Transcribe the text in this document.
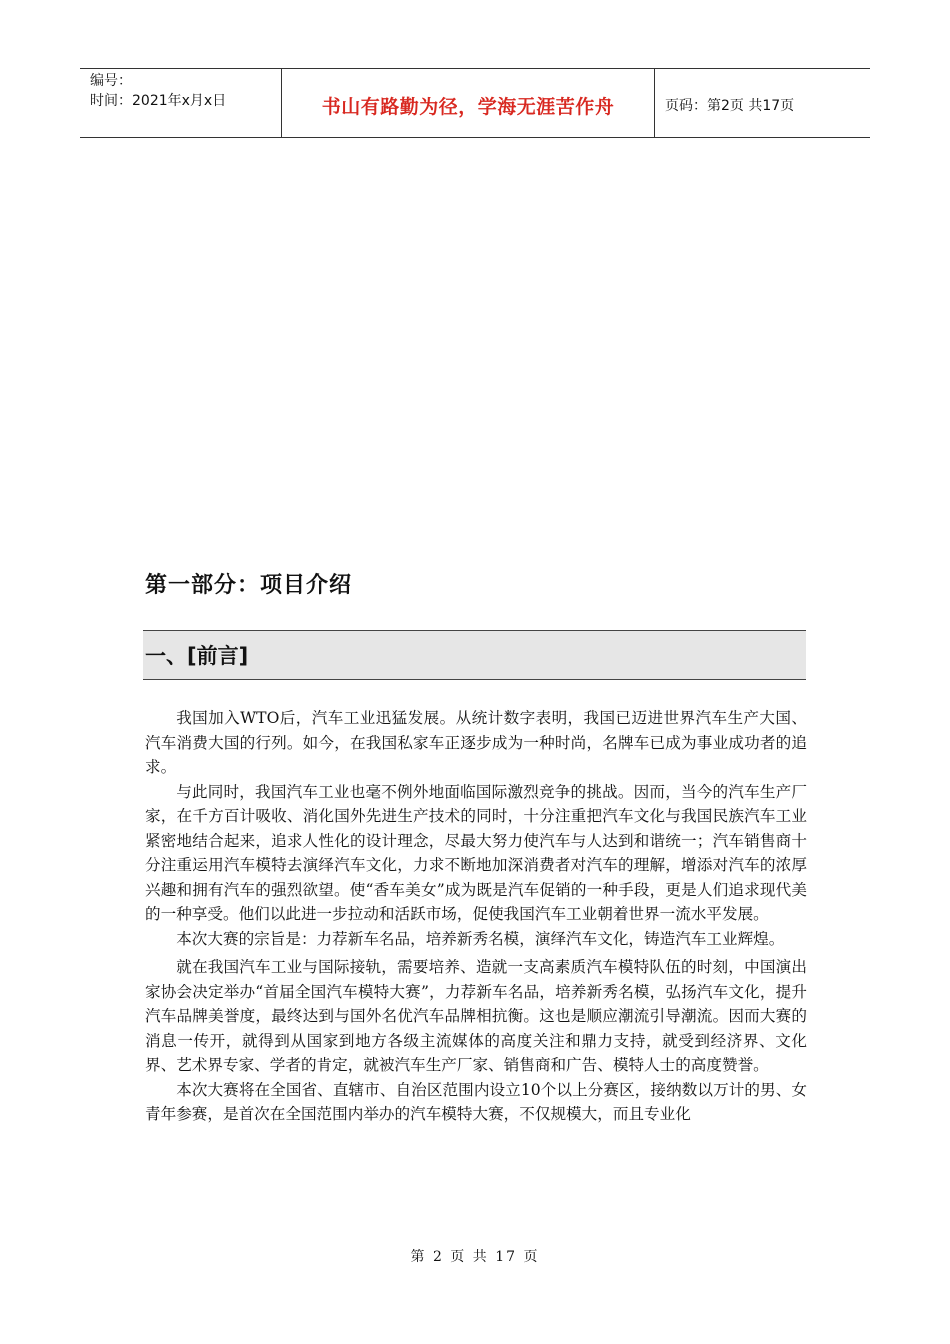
编号：
时间：2021年x月x日	书山有路勤为径，学海无涯苦作舟	页码：第2页 共17页
第一部分：项目介绍
一、[前言]

我国加入WTO后，汽车工业迅猛发展。从统计数字表明，我国已迈进世界汽车生产大国、汽车消费大国的行列。如今，在我国私家车正逐步成为一种时尚，名牌车已成为事业成功者的追求。

与此同时，我国汽车工业也毫不例外地面临国际激烈竞争的挑战。因而，当今的汽车生产厂家，在千方百计吸收、消化国外先进生产技术的同时，十分注重把汽车文化与我国民族汽车工业紧密地结合起来，追求人性化的设计理念，尽最大努力使汽车与人达到和谐统一；汽车销售商十分注重运用汽车模特去演绎汽车文化，力求不断地加深消费者对汽车的理解，增添对汽车的浓厚兴趣和拥有汽车的强烈欲望。使“香车美女”成为既是汽车促销的一种手段，更是人们追求现代美的一种享受。他们以此进一步拉动和活跃市场，促使我国汽车工业朝着世界一流水平发展。

本次大赛的宗旨是：力荐新车名品，培养新秀名模，演绎汽车文化，铸造汽车工业辉煌。

就在我国汽车工业与国际接轨，需要培养、造就一支高素质汽车模特队伍的时刻，中国演出家协会决定举办“首届全国汽车模特大赛”，力荐新车名品，培养新秀名模，弘扬汽车文化，提升汽车品牌美誉度，最终达到与国外名优汽车品牌相抗衡。这也是顺应潮流引导潮流。因而大赛的消息一传开，就得到从国家到地方各级主流媒体的高度关注和鼎力支持，就受到经济界、文化界、艺术界专家、学者的肯定，就被汽车生产厂家、销售商和广告、模特人士的高度赞誉。

本次大赛将在全国省、直辖市、自治区范围内设立10个以上分赛区，接纳数以万计的男、女青年参赛，是首次在全国范围内举办的汽车模特大赛，不仅规模大，而且专业化

第 2 页 共 17 页
